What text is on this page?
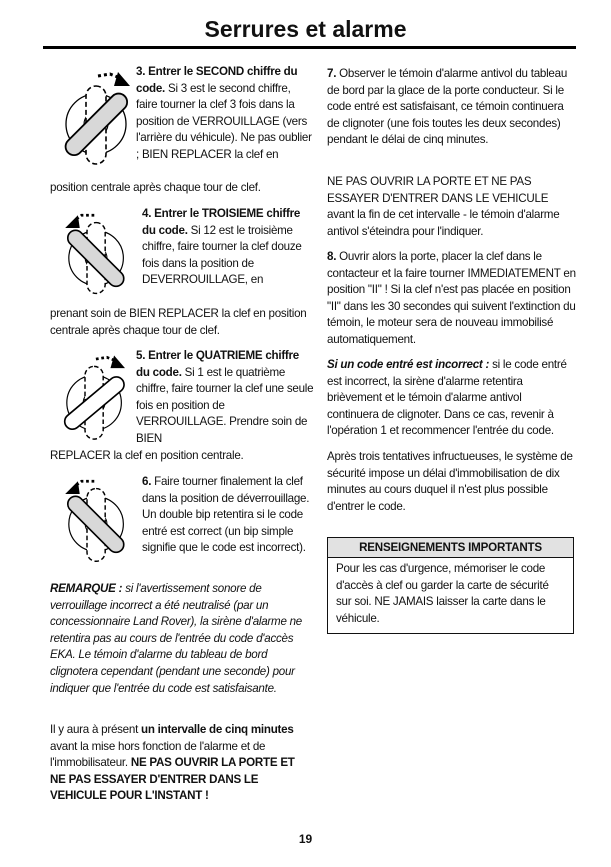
Serrures et alarme

3. Entrer le SECOND chiffre du code. Si 3 est le second chiffre, faire tourner la clef 3 fois dans la position de VERROUILLAGE (vers l'arrière du véhicule). Ne pas oublier ; BIEN REPLACER la clef en

position centrale après chaque tour de clef.

4. Entrer le TROISIEME chiffre du code. Si 12 est le troisième chiffre, faire tourner la clef douze fois dans la position de DEVERROUILLAGE, en

prenant soin de BIEN REPLACER la clef en position centrale après chaque tour de clef.

5. Entrer le QUATRIEME chiffre du code. Si 1 est le quatrième chiffre, faire tourner la clef une seule fois en position de VERROUILLAGE. Prendre soin de BIEN

REPLACER la clef en position centrale.

6. Faire tourner finalement la clef dans la position de déverrouillage. Un double bip retentira si le code entré est correct (un bip simple signifie que le code est incorrect).

REMARQUE : si l'avertissement sonore de verrouillage incorrect a été neutralisé (par un concessionnaire Land Rover), la sirène d'alarme ne retentira pas au cours de l'entrée du code d'accès EKA. Le témoin d'alarme du tableau de bord clignotera cependant (pendant une seconde) pour indiquer que l'entrée du code est satisfaisante.

Il y aura à présent un intervalle de cinq minutes avant la mise hors fonction de l'alarme et de l'immobilisateur. NE PAS OUVRIR LA PORTE ET NE PAS ESSAYER D'ENTRER DANS LE VEHICULE POUR L'INSTANT !

7. Observer le témoin d'alarme antivol du tableau de bord par la glace de la porte conducteur. Si le code entré est satisfaisant, ce témoin continuera de clignoter (une fois toutes les deux secondes) pendant le délai de cinq minutes.

NE PAS OUVRIR LA PORTE ET NE PAS ESSAYER D'ENTRER DANS LE VEHICULE avant la fin de cet intervalle - le témoin d'alarme antivol s'éteindra pour l'indiquer.

8. Ouvrir alors la porte, placer la clef dans le contacteur et la faire tourner IMMEDIATEMENT en position "II" ! Si la clef n'est pas placée en position "II" dans les 30 secondes qui suivent l'extinction du témoin, le moteur sera de nouveau immobilisé automatiquement.

Si un code entré est incorrect : si le code entré est incorrect, la sirène d'alarme retentira brièvement et le témoin d'alarme antivol continuera de clignoter. Dans ce cas, revenir à l'opération 1 et recommencer l'entrée du code.

Après trois tentatives infructueuses, le système de sécurité impose un délai d'immobilisation de dix minutes au cours duquel il n'est plus possible d'entrer le code.

RENSEIGNEMENTS IMPORTANTS
Pour les cas d'urgence, mémoriser le code d'accès à clef ou garder la carte de sécurité sur soi. NE JAMAIS laisser la carte dans le véhicule.
19
